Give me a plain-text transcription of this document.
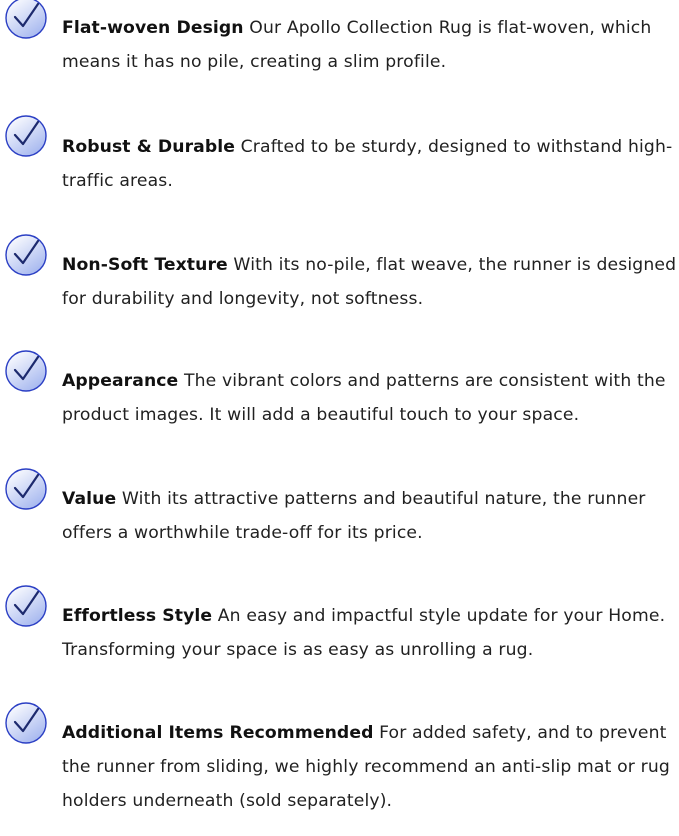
Flat-woven Design Our Apollo Collection Rug is flat-woven, which means it has no pile, creating a slim profile.

Robust & Durable Crafted to be sturdy, designed to withstand high-traffic areas.

Non-Soft Texture With its no-pile, flat weave, the runner is designed for durability and longevity, not softness.

Appearance The vibrant colors and patterns are consistent with the product images. It will add a beautiful touch to your space.

Value With its attractive patterns and beautiful nature, the runner offers a worthwhile trade-off for its price.

Effortless Style An easy and impactful style update for your Home. Transforming your space is as easy as unrolling a rug.

Additional Items Recommended For added safety, and to prevent the runner from sliding, we highly recommend an anti-slip mat or rug holders underneath (sold separately).
